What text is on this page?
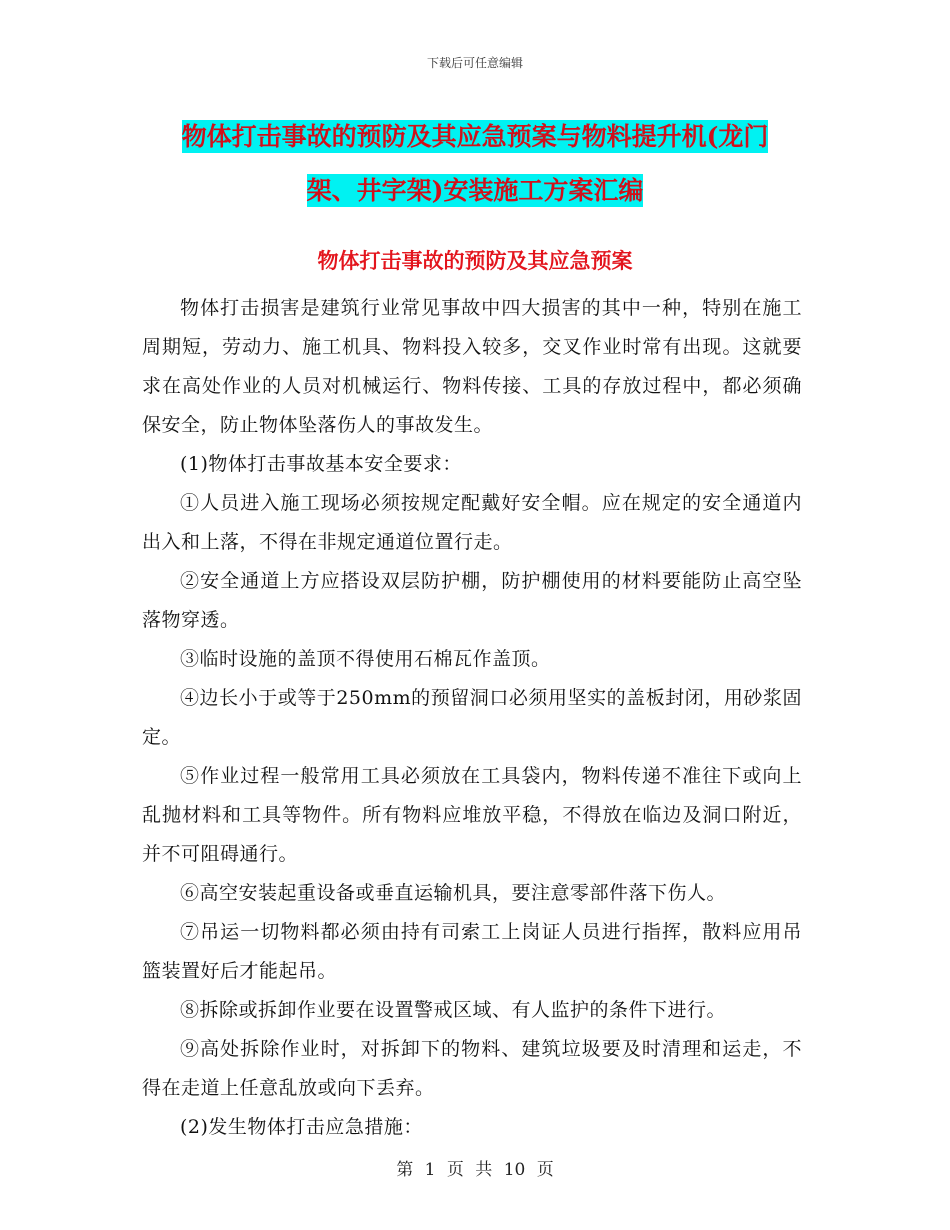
下载后可任意编辑
物体打击事故的预防及其应急预案与物料提升机(龙门
架、井字架)安装施工方案汇编
物体打击事故的预防及其应急预案

物体打击损害是建筑行业常见事故中四大损害的其中一种，特别在施工周期短，劳动力、施工机具、物料投入较多，交叉作业时常有出现。这就要求在高处作业的人员对机械运行、物料传接、工具的存放过程中，都必须确保安全，防止物体坠落伤人的事故发生。

(1)物体打击事故基本安全要求：

①人员进入施工现场必须按规定配戴好安全帽。应在规定的安全通道内出入和上落，不得在非规定通道位置行走。

②安全通道上方应搭设双层防护棚，防护棚使用的材料要能防止高空坠落物穿透。

③临时设施的盖顶不得使用石棉瓦作盖顶。

④边长小于或等于250mm的预留洞口必须用坚实的盖板封闭，用砂浆固定。

⑤作业过程一般常用工具必须放在工具袋内，物料传递不准往下或向上乱抛材料和工具等物件。所有物料应堆放平稳，不得放在临边及洞口附近，并不可阻碍通行。

⑥高空安装起重设备或垂直运输机具，要注意零部件落下伤人。

⑦吊运一切物料都必须由持有司索工上岗证人员进行指挥，散料应用吊篮装置好后才能起吊。

⑧拆除或拆卸作业要在设置警戒区域、有人监护的条件下进行。

⑨高处拆除作业时，对拆卸下的物料、建筑垃圾要及时清理和运走，不得在走道上任意乱放或向下丢弃。

(2)发生物体打击应急措施：

第 1 页 共 10 页
